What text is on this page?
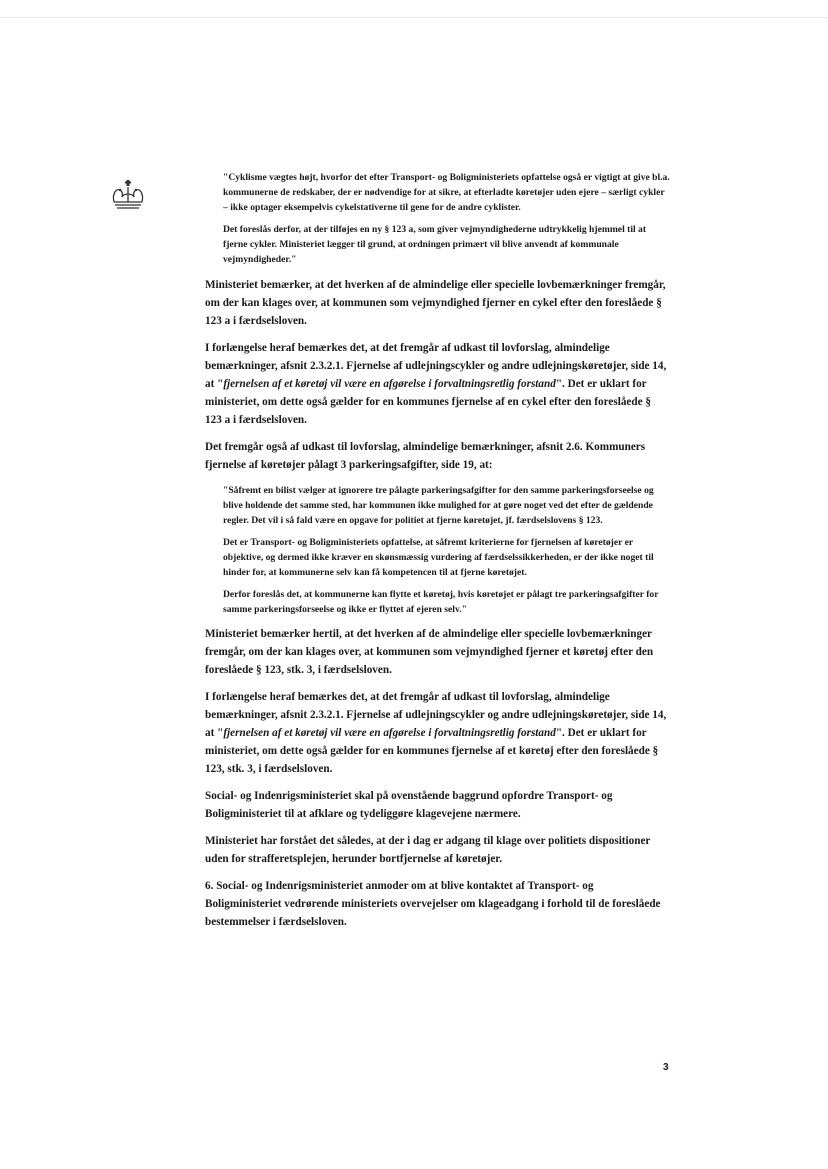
"Cyklisme vægtes højt, hvorfor det efter Transport- og Boligministeriets opfattelse også er vigtigt at give bl.a. kommunerne de redskaber, der er nødvendige for at sikre, at efterladte køretøjer uden ejere – særligt cykler – ikke optager eksempelvis cykelstativerne til gene for de andre cyklister.

Det foreslås derfor, at der tilføjes en ny § 123 a, som giver vejmyndighederne udtrykkelig hjemmel til at fjerne cykler. Ministeriet lægger til grund, at ordningen primært vil blive anvendt af kommunale vejmyndigheder."

Ministeriet bemærker, at det hverken af de almindelige eller specielle lovbemærkninger fremgår, om der kan klages over, at kommunen som vejmyndighed fjerner en cykel efter den foreslåede § 123 a i færdselsloven.

I forlængelse heraf bemærkes det, at det fremgår af udkast til lovforslag, almindelige bemærkninger, afsnit 2.3.2.1. Fjernelse af udlejningscykler og andre udlejningskøretøjer, side 14, at "fjernelsen af et køretøj vil være en afgørelse i forvaltningsretlig forstand". Det er uklart for ministeriet, om dette også gælder for en kommunes fjernelse af en cykel efter den foreslåede § 123 a i færdselsloven.

Det fremgår også af udkast til lovforslag, almindelige bemærkninger, afsnit 2.6. Kommuners fjernelse af køretøjer pålagt 3 parkeringsafgifter, side 19, at:

"Såfremt en bilist vælger at ignorere tre pålagte parkeringsafgifter for den samme parkeringsforseelse og blive holdende det samme sted, har kommunen ikke mulighed for at gøre noget ved det efter de gældende regler. Det vil i så fald være en opgave for politiet at fjerne køretøjet, jf. færdselslovens § 123.

Det er Transport- og Boligministeriets opfattelse, at såfremt kriterierne for fjernelsen af køretøjer er objektive, og dermed ikke kræver en skønsmæssig vurdering af færdselssikkerheden, er der ikke noget til hinder for, at kommunerne selv kan få kompetencen til at fjerne køretøjet.

Derfor foreslås det, at kommunerne kan flytte et køretøj, hvis køretøjet er pålagt tre parkeringsafgifter for samme parkeringsforseelse og ikke er flyttet af ejeren selv."

Ministeriet bemærker hertil, at det hverken af de almindelige eller specielle lovbemærkninger fremgår, om der kan klages over, at kommunen som vejmyndighed fjerner et køretøj efter den foreslåede § 123, stk. 3, i færdselsloven.

I forlængelse heraf bemærkes det, at det fremgår af udkast til lovforslag, almindelige bemærkninger, afsnit 2.3.2.1. Fjernelse af udlejningscykler og andre udlejningskøretøjer, side 14, at "fjernelsen af et køretøj vil være en afgørelse i forvaltningsretlig forstand". Det er uklart for ministeriet, om dette også gælder for en kommunes fjernelse af et køretøj efter den foreslåede § 123, stk. 3, i færdselsloven.

Social- og Indenrigsministeriet skal på ovenstående baggrund opfordre Transport- og Boligministeriet til at afklare og tydeliggøre klagevejene nærmere.

Ministeriet har forstået det således, at der i dag er adgang til klage over politiets dispositioner uden for strafferetsplejen, herunder bortfjernelse af køretøjer.

6. Social- og Indenrigsministeriet anmoder om at blive kontaktet af Transport- og Boligministeriet vedrørende ministeriets overvejelser om klageadgang i forhold til de foreslåede bestemmelser i færdselsloven.

3
